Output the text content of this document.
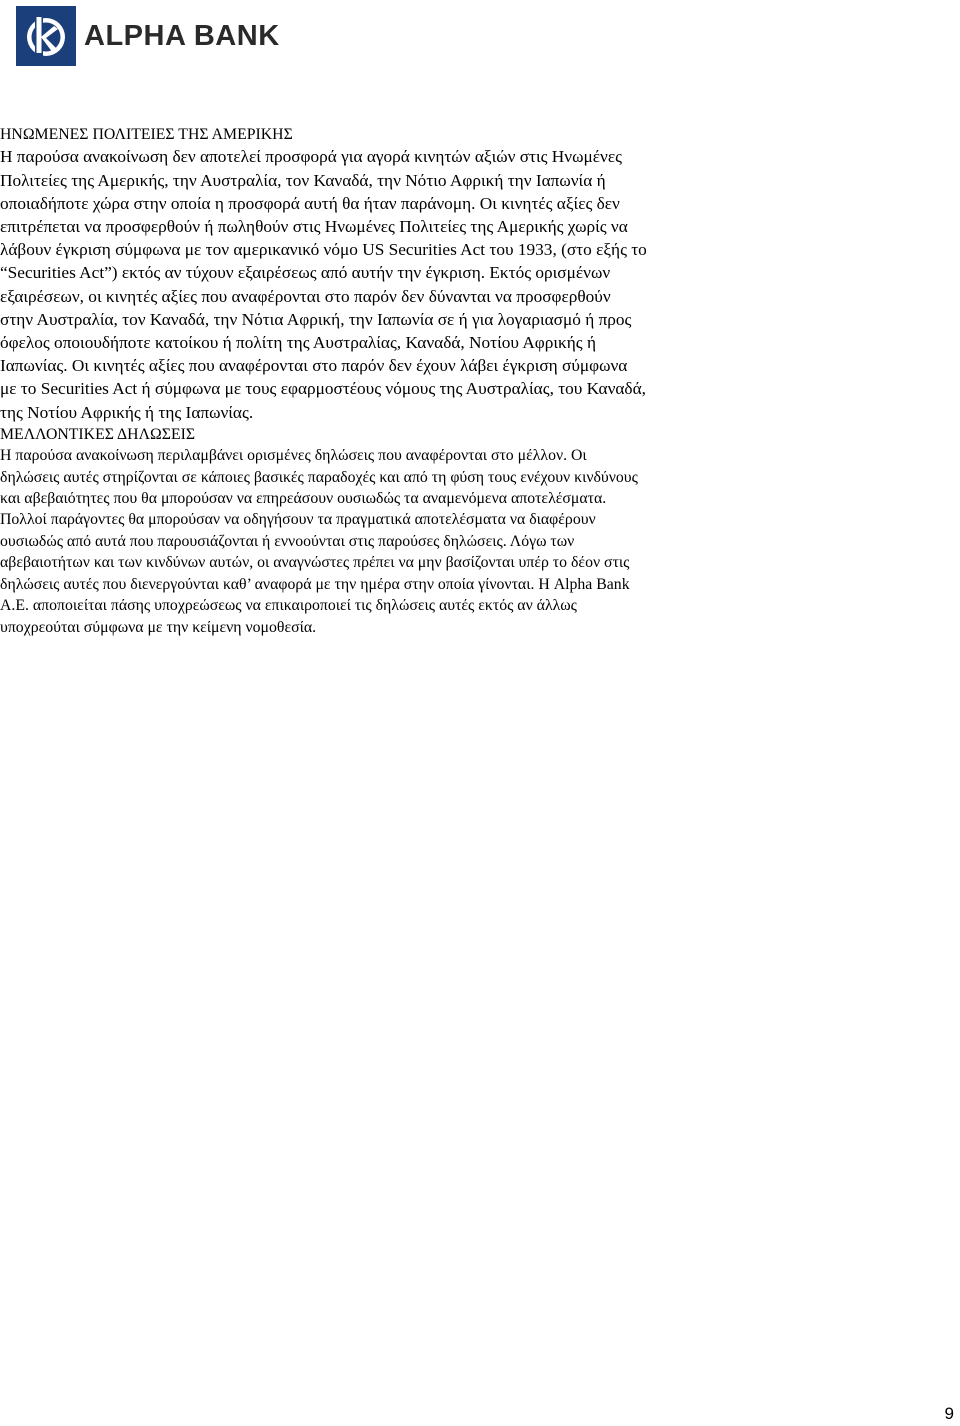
ALPHA BANK

ΗΝΩΜΕΝΕΣ ΠΟΛΙΤΕΙΕΣ ΤΗΣ ΑΜΕΡΙΚΗΣ

Η παρούσα ανακοίνωση δεν αποτελεί προσφορά για αγορά κινητών αξιών στις Ηνωμένες

Πολιτείες της Αμερικής, την Αυστραλία, τον Καναδά, την Νότιο Αφρική την Ιαπωνία ή

οποιαδήποτε χώρα στην οποία η προσφορά αυτή θα ήταν παράνομη. Οι κινητές αξίες δεν

επιτρέπεται να προσφερθούν ή πωληθούν στις Ηνωμένες Πολιτείες της Αμερικής χωρίς να

λάβουν έγκριση σύμφωνα με τον αμερικανικό νόμο US Securities Act του 1933, (στο εξής το

“Securities Act”) εκτός αν τύχουν εξαιρέσεως από αυτήν την έγκριση. Εκτός ορισμένων

εξαιρέσεων, οι κινητές αξίες που αναφέρονται στο παρόν δεν δύνανται να προσφερθούν

στην Αυστραλία, τον Καναδά, την Νότια Αφρική, την Ιαπωνία σε ή για λογαριασμό ή προς

όφελος οποιουδήποτε κατοίκου ή πολίτη της Αυστραλίας, Καναδά, Νοτίου Αφρικής ή

Ιαπωνίας. Οι κινητές αξίες που αναφέρονται στο παρόν δεν έχουν λάβει έγκριση σύμφωνα

με το Securities Act ή σύμφωνα με τους εφαρμοστέους νόμους της Αυστραλίας, του Καναδά,

της Νοτίου Αφρικής ή της Ιαπωνίας.

ΜΕΛΛΟΝΤΙΚΕΣ ΔΗΛΩΣΕΙΣ

Η παρούσα ανακοίνωση περιλαμβάνει ορισμένες δηλώσεις που αναφέρονται στο μέλλον. Οι

δηλώσεις αυτές στηρίζονται σε κάποιες βασικές παραδοχές και από τη φύση τους ενέχουν κινδύνους

και αβεβαιότητες που θα μπορούσαν να επηρεάσουν ουσιωδώς τα αναμενόμενα αποτελέσματα.

Πολλοί παράγοντες θα μπορούσαν να οδηγήσουν τα πραγματικά αποτελέσματα να διαφέρουν

ουσιωδώς από αυτά που παρουσιάζονται ή εννοούνται στις παρούσες δηλώσεις. Λόγω των

αβεβαιοτήτων και των κινδύνων αυτών, οι αναγνώστες πρέπει να μην βασίζονται υπέρ το δέον στις

δηλώσεις αυτές που διενεργούνται καθ’ αναφορά με την ημέρα στην οποία γίνονται. Η Alpha Bank

Α.Ε. αποποιείται πάσης υποχρεώσεως να επικαιροποιεί τις δηλώσεις αυτές εκτός αν άλλως

υποχρεούται σύμφωνα με την κείμενη νομοθεσία.

9
